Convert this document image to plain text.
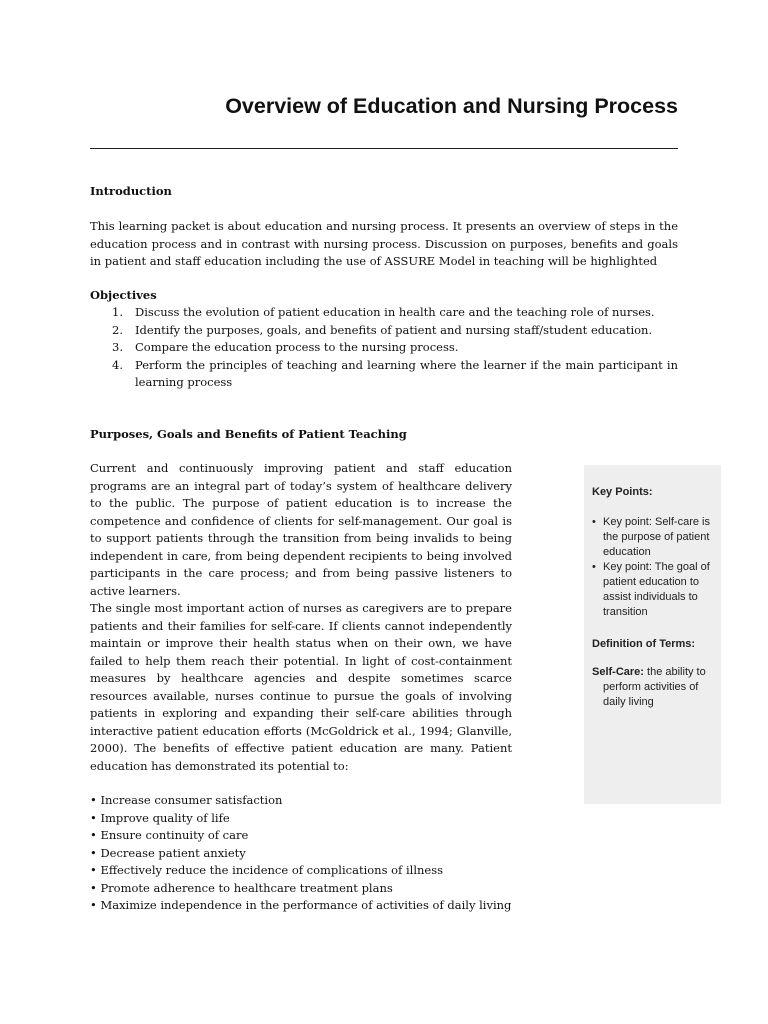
Overview of Education and Nursing Process
Introduction
This learning packet is about education and nursing process. It presents an overview of steps in the education process and in contrast with nursing process. Discussion on purposes, benefits and goals in patient and staff education including the use of ASSURE Model in teaching will be highlighted
Objectives
1. Discuss the evolution of patient education in health care and the teaching role of nurses.
2. Identify the purposes, goals, and benefits of patient and nursing staff/student education.
3. Compare the education process to the nursing process.
4. Perform the principles of teaching and learning where the learner if the main participant in learning process
Purposes, Goals and Benefits of Patient Teaching
Current and continuously improving patient and staff education programs are an integral part of today’s system of healthcare delivery to the public. The purpose of patient education is to increase the competence and confidence of clients for self-management. Our goal is to support patients through the transition from being invalids to being independent in care, from being dependent recipients to being involved participants in the care process; and from being passive listeners to active learners.
The single most important action of nurses as caregivers are to prepare patients and their families for self-care. If clients cannot independently maintain or improve their health status when on their own, we have failed to help them reach their potential. In light of cost-containment measures by healthcare agencies and despite sometimes scarce resources available, nurses continue to pursue the goals of involving patients in exploring and expanding their self-care abilities through interactive patient education efforts (McGoldrick et al., 1994; Glanville, 2000). The benefits of effective patient education are many. Patient education has demonstrated its potential to:
• Increase consumer satisfaction
• Improve quality of life
• Ensure continuity of care
• Decrease patient anxiety
• Effectively reduce the incidence of complications of illness
• Promote adherence to healthcare treatment plans
• Maximize independence in the performance of activities of daily living
Key Points:
• Key point: Self-care is the purpose of patient education
• Key point: The goal of patient education to assist individuals to transition
Definition of Terms:
Self-Care: the ability to perform activities of daily living
